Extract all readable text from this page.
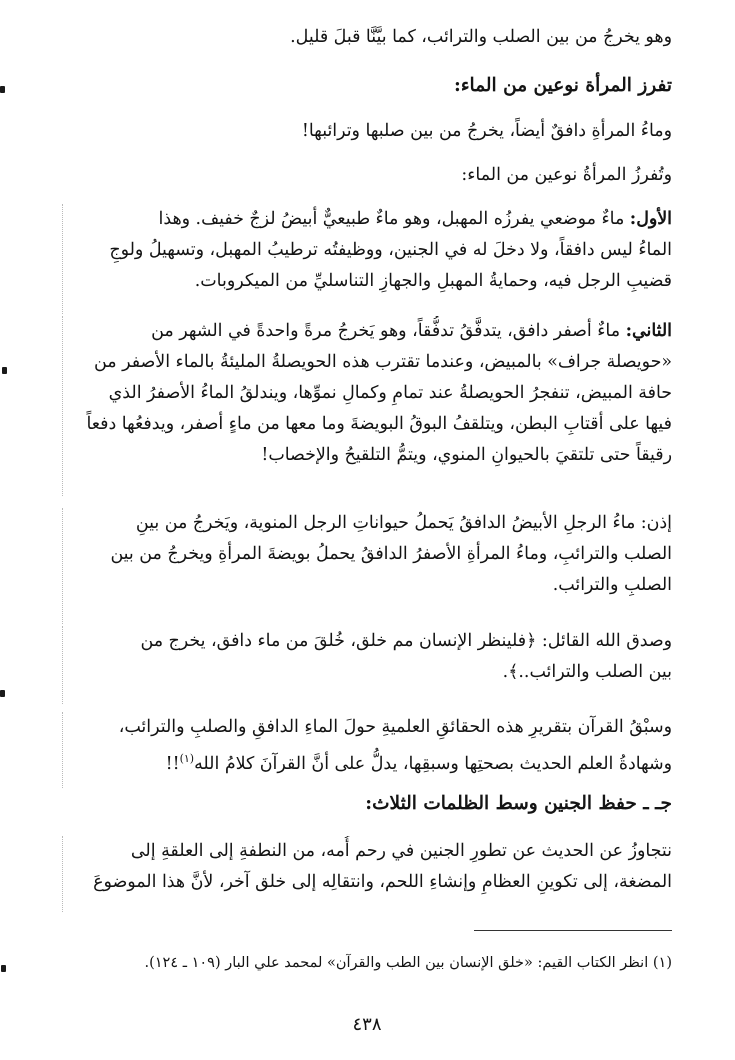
وهو يخرجُ من بين الصلب والترائب، كما بيَّنَّا قبلَ قليل.
تفرز المرأة نوعين من الماء:
وماءُ المرأةِ دافقٌ أيضاً، يخرجُ من بين صلبها وترائبها!
وتُفرزُ المرأةُ نوعين من الماء:
الأول: ماءٌ موضعي يفرزُه المهبل، وهو ماءٌ طبيعيٌّ أبيضُ لزجٌ خفيف. وهذا
الماءُ ليس دافقاً، ولا دخلَ له في الجنين، ووظيفتُه ترطيبُ المهبل، وتسهيلُ ولوجِ
قضيبِ الرجل فيه، وحمايةُ المهبلِ والجهازِ التناسليِّ من الميكروبات.
الثاني: ماءٌ أصفر دافق، يتدفَّقُ تدفُّقاً، وهو يَخرجُ مرةً واحدةً في الشهر من
«حويصلة جراف» بالمبيض، وعندما تقترب هذه الحويصلةُ المليئةُ بالماء الأصفر من
حافة المبيض، تنفجرُ الحويصلةُ عند تمامِ وكمالِ نموِّها، ويندلقُ الماءُ الأصفرُ الذي
فيها على أقتابِ البطن، ويتلقفُ البوقُ البويضةَ وما معها من ماءٍ أصفر، ويدفعُها دفعاً
رقيقاً حتى تلتقيَ بالحيوانِ المنوي، ويتمُّ التلقيحُ والإخصاب!
إذن: ماءُ الرجلِ الأبيضُ الدافقُ يَحملُ حيواناتِ الرجل المنوية، ويَخرجُ من بينِ
الصلب والترائبِ، وماءُ المرأةِ الأصفرُ الدافقُ يحملُ بويضةَ المرأةِ ويخرجُ من بين
الصلبِ والترائب.
وصدق الله القائل: ﴿فلينظر الإنسان مم خلق، خُلقَ من ماء دافق، يخرج من
بين الصلب والترائب..﴾.
وسبْقُ القرآن بتقريرِ هذه الحقائقِ العلميةِ حولَ الماءِ الدافقِ والصلبِ والترائب،
وشهادةُ العلمِ الحديث بصحتِها وسبقِها، يدلُّ على أنَّ القرآنَ كلامُ الله$^{(١)}$!!
جـ ـ حفظ الجنين وسط الظلمات الثلاث:
نتجاوزُ عن الحديث عن تطورِ الجنين في رحم أُمه، من النطفةِ إلى العلقةِ إلى
المضغة، إلى تكوينِ العظامِ وإنشاءِ اللحم، وانتقالِه إلى خلق آخر، لأنَّ هذا الموضوعَ
(١) انظر الكتاب القيم: «خلق الإنسان بين الطب والقرآن» لمحمد علي البار (١٠٩ ـ ١٢٤).
٤٣٨
